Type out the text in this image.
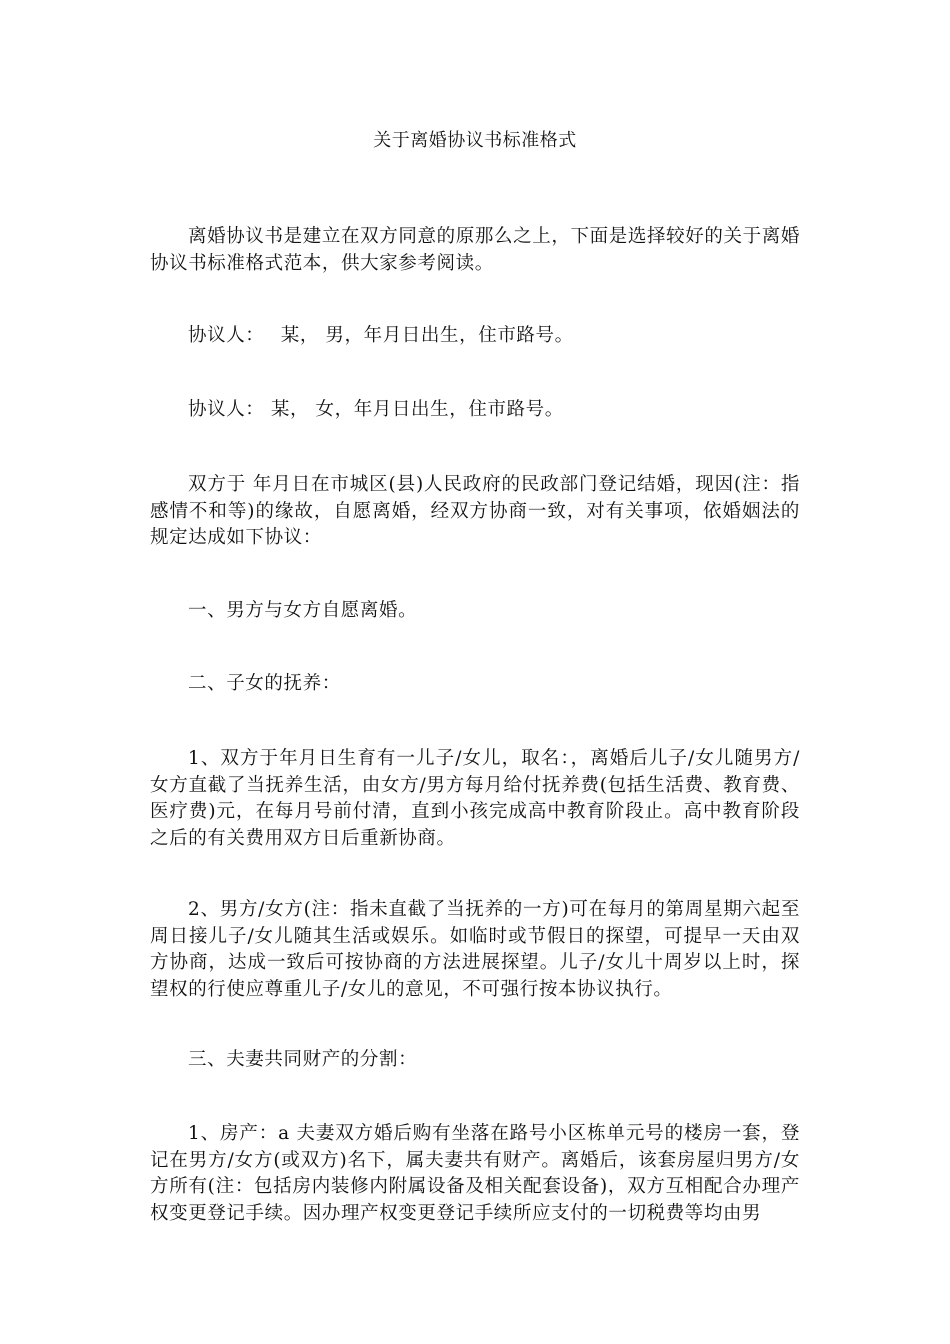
关于离婚协议书标准格式

离婚协议书是建立在双方同意的原那么之上，下面是选择较好的关于离婚协议书标准格式范本，供大家参考阅读。

协议人：　 某， 男，年月日出生，住市路号。

协议人： 某， 女，年月日出生，住市路号。

双方于 年月日在市城区(县)人民政府的民政部门登记结婚，现因(注：指感情不和等)的缘故，自愿离婚，经双方协商一致，对有关事项，依婚姻法的规定达成如下协议：

一、男方与女方自愿离婚。

二、子女的抚养：

1、双方于年月日生育有一儿子/女儿，取名：，离婚后儿子/女儿随男方/女方直截了当抚养生活，由女方/男方每月给付抚养费(包括生活费、教育费、医疗费)元，在每月号前付清，直到小孩完成高中教育阶段止。高中教育阶段之后的有关费用双方日后重新协商。

2、男方/女方(注：指未直截了当抚养的一方)可在每月的第周星期六起至周日接儿子/女儿随其生活或娱乐。如临时或节假日的探望，可提早一天由双方协商，达成一致后可按协商的方法进展探望。儿子/女儿十周岁以上时，探望权的行使应尊重儿子/女儿的意见，不可强行按本协议执行。

三、夫妻共同财产的分割：

1、房产：a 夫妻双方婚后购有坐落在路号小区栋单元号的楼房一套，登记在男方/女方(或双方)名下，属夫妻共有财产。离婚后，该套房屋归男方/女方所有(注：包括房内装修内附属设备及相关配套设备)，双方互相配合办理产权变更登记手续。因办理产权变更登记手续所应支付的一切税费等均由男
